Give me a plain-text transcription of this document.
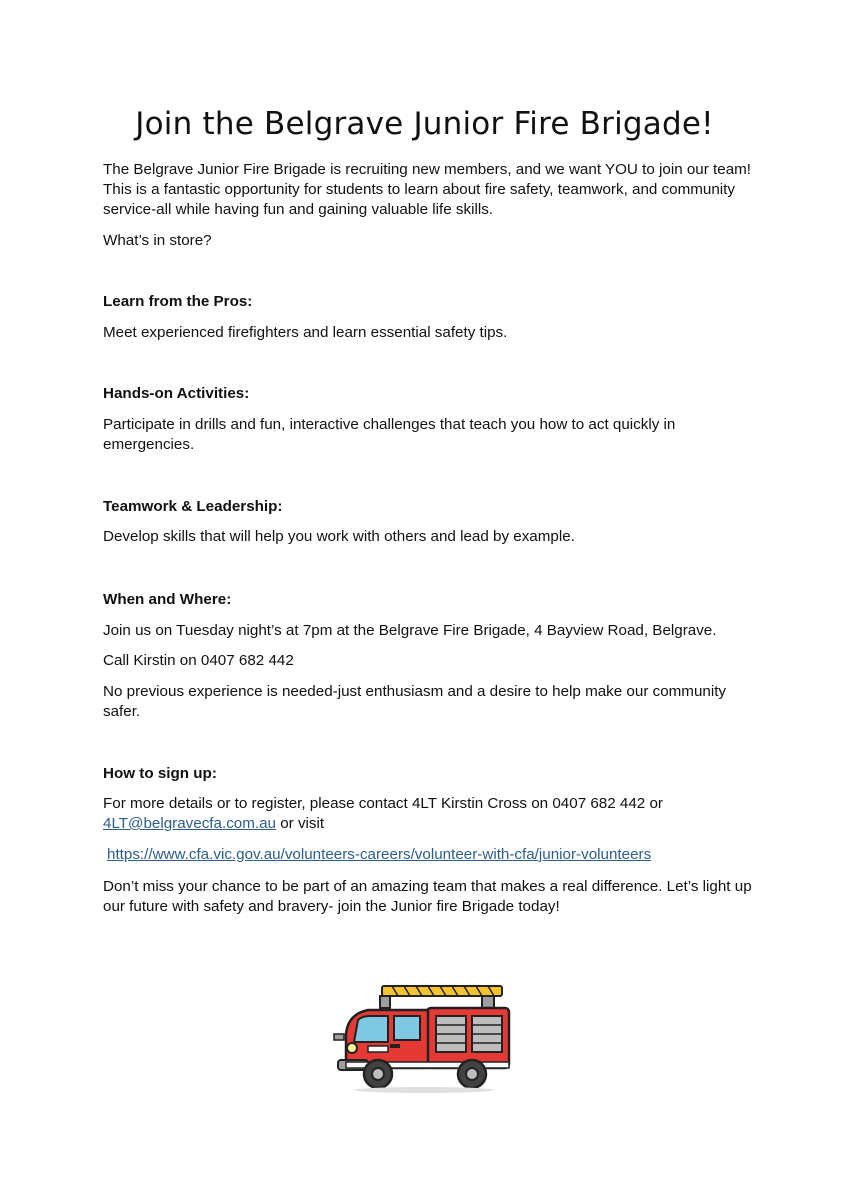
Join the Belgrave Junior Fire Brigade!

The Belgrave Junior Fire Brigade is recruiting new members, and we want YOU to join our team! This is a fantastic opportunity for students to learn about fire safety, teamwork, and community service-all while having fun and gaining valuable life skills.

What’s in store?

Learn from the Pros:

Meet experienced firefighters and learn essential safety tips.

Hands-on Activities:

Participate in drills and fun, interactive challenges that teach you how to act quickly in emergencies.

Teamwork & Leadership:

Develop skills that will help you work with others and lead by example.

When and Where:

Join us on Tuesday night’s at 7pm at the Belgrave Fire Brigade, 4 Bayview Road, Belgrave.

Call Kirstin on 0407 682 442

No previous experience is needed-just enthusiasm and a desire to help make our community safer.

How to sign up:

For more details or to register, please contact 4LT Kirstin Cross on 0407 682 442 or
4LT@belgravecfa.com.au or visit

https://www.cfa.vic.gov.au/volunteers-careers/volunteer-with-cfa/junior-volunteers

Don’t miss your chance to be part of an amazing team that makes a real difference. Let’s light up our future with safety and bravery- join the Junior fire Brigade today!
